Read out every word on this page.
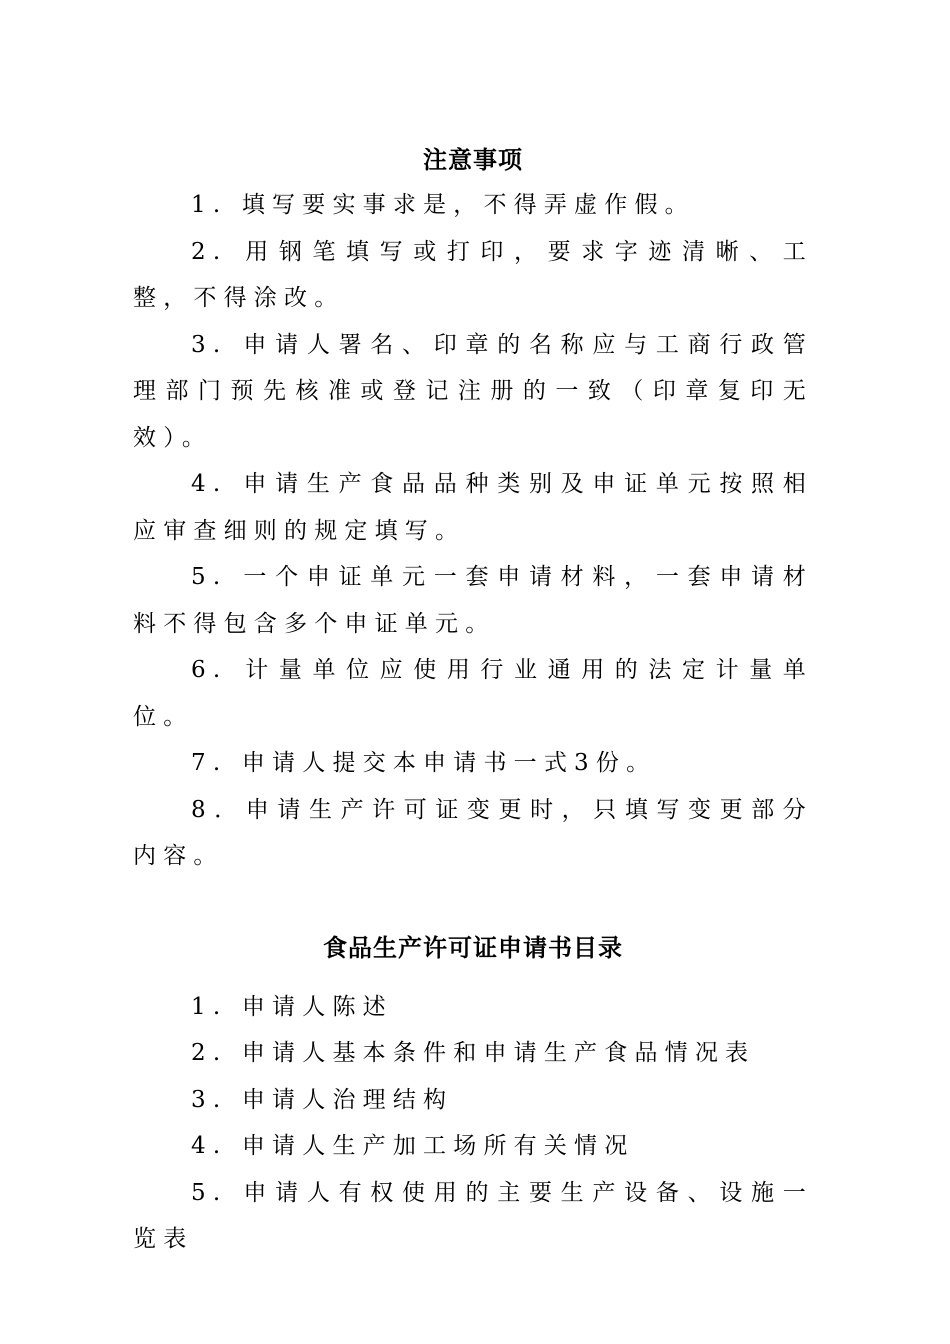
注意事项

1. 填写要实事求是，不得弄虚作假。

2. 用钢笔填写或打印，要求字迹清晰、工整，不得涂改。

3. 申请人署名、印章的名称应与工商行政管理部门预先核准或登记注册的一致（印章复印无效）。

4. 申请生产食品品种类别及申证单元按照相应审查细则的规定填写。

5. 一个申证单元一套申请材料，一套申请材料不得包含多个申证单元。

6. 计量单位应使用行业通用的法定计量单位。

7. 申请人提交本申请书一式3份。

8．申请生产许可证变更时，只填写变更部分内容。

食品生产许可证申请书目录

1. 申请人陈述

2. 申请人基本条件和申请生产食品情况表

3. 申请人治理结构

4. 申请人生产加工场所有关情况

5. 申请人有权使用的主要生产设备、设施一览表
